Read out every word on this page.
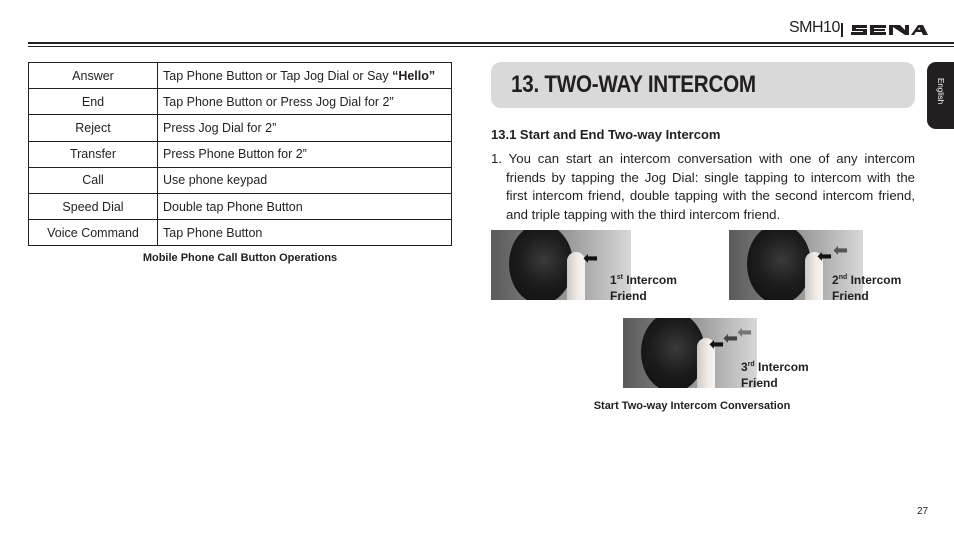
SMH10
Answer	Tap Phone Button or Tap Jog Dial or Say “Hello”
End	Tap Phone Button or Press Jog Dial for 2”
Reject	Press Jog Dial for 2”
Transfer	Press Phone Button for 2”
Call	Use phone keypad
Speed Dial	Double tap Phone Button
Voice Command	Tap Phone Button
Mobile Phone Call Button Operations
13. TWO-WAY INTERCOM	English
13.1 Start and End Two-way Intercom
1. You can start an intercom conversation with one of any intercom friends by tapping the Jog Dial: single tapping to intercom with the first intercom friend, double tapping with the second intercom friend, and triple tapping with the third intercom friend.
⬅
1st Intercom
Friend
⬅ ⬅
2nd Intercom
Friend
⬅
⬅
⬅
3rd Intercom
Friend
Start Two-way Intercom Conversation
27
